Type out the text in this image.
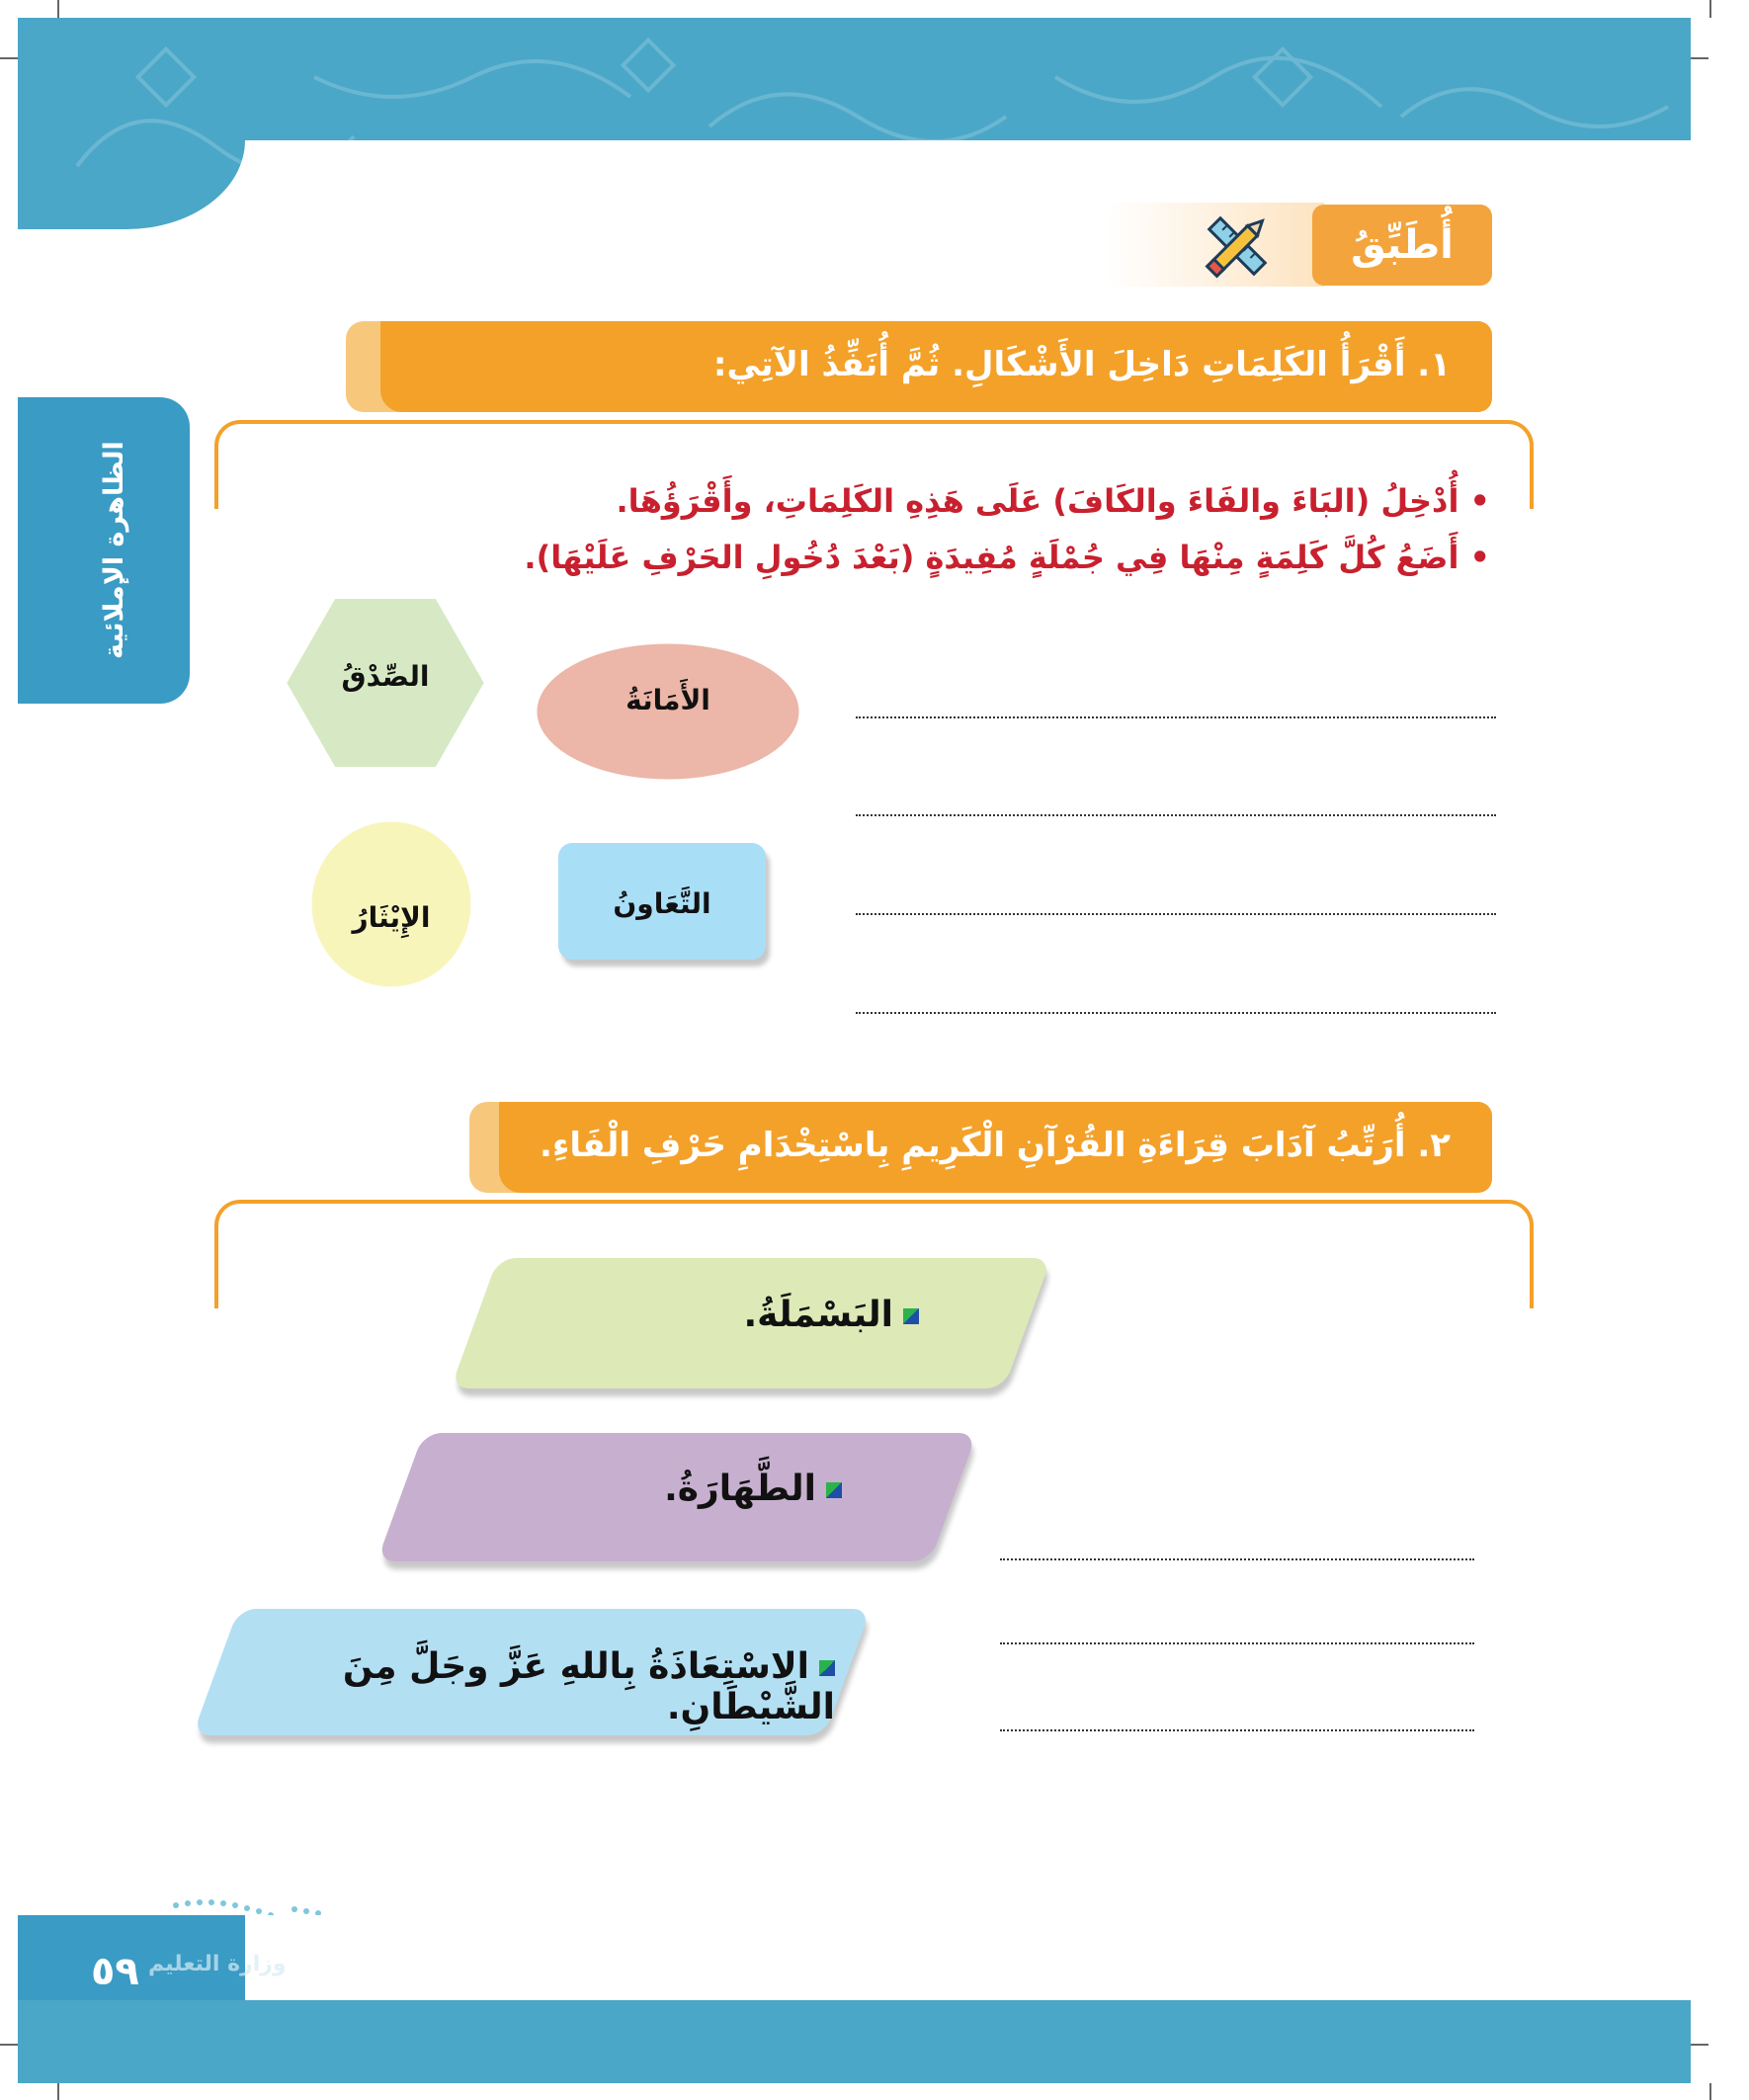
الظاهرة الإملائية
أُطَبِّقُ
١. أَقْرَأُ الكَلِمَاتِ دَاخِلَ الأَشْكَالِ. ثُمَّ أُنَفِّذُ الآتِي:
• أُدْخِلُ (البَاءَ والفَاءَ والكَافَ) عَلَى هَذِهِ الكَلِمَاتِ، وأَقْرَؤُهَا.
• أَضَعُ كُلَّ كَلِمَةٍ مِنْهَا فِي جُمْلَةٍ مُفِيدَةٍ (بَعْدَ دُخُولِ الحَرْفِ عَلَيْهَا).
الصِّدْقُ
الأَمَانَةُ
الإِيْثَارُ	التَّعَاونُ
٢. أُرَتِّبُ آدَابَ قِرَاءَةِ القُرْآنِ الْكَرِيمِ بِاسْتِخْدَامِ حَرْفِ الْفَاءِ.
البَسْمَلَةُ.
الطَّهَارَةُ.
الاسْتِعَاذَةُ بِاللهِ عَزَّ وجَلَّ مِنَ الشَّيْطَانِ.
٥٩ وزارة التعليم
